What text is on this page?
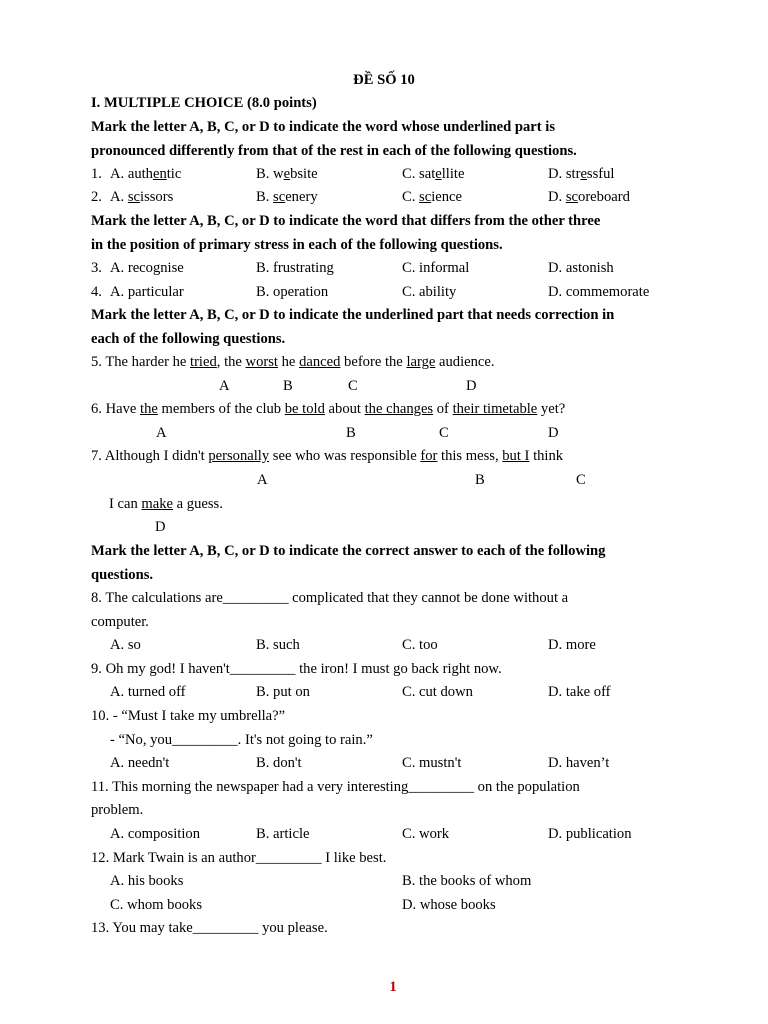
ĐỀ SỐ 10
I. MULTIPLE CHOICE (8.0 points)
Mark the letter A, B, C, or D to indicate the word whose underlined part is
pronounced differently from that of the rest in each of the following questions.
1. A. authentic	B. website	C. satellite	D. stressful
2. A. scissors	B. scenery	C. science	D. scoreboard
Mark the letter A, B, C, or D to indicate the word that differs from the other three
in the position of primary stress in each of the following questions.
3. A. recognise	B. frustrating	C. informal	D. astonish
4. A. particular	B. operation	C. ability	D. commemorate
Mark the letter A, B, C, or D to indicate the underlined part that needs correction in
each of the following questions.
5. The harder he tried, the worst he danced before the large audience.
A	B	C	D
6. Have the members of the club be told about the changes of their timetable yet?
A	B	C	D
7. Although I didn't personally see who was responsible for this mess, but I think
A	B	C
I can make a guess.
D
Mark the letter A, B, C, or D to indicate the correct answer to each of the following
questions.
8. The calculations are_________ complicated that they cannot be done without a
computer.
A. so	B. such	C. too	D. more
9. Oh my god! I haven't_________ the iron! I must go back right now.
A. turned off	B. put on	C. cut down	D. take off
10. - “Must I take my umbrella?”
- “No, you_________. It's not going to rain.”
A. needn't	B. don't	C. mustn't	D. haven’t
11. This morning the newspaper had a very interesting_________ on the population
problem.
A. composition	B. article	C. work	D. publication
12. Mark Twain is an author_________ I like best.
A. his books	B. the books of whom
C. whom books	D. whose books
13. You may take_________ you please.
1
